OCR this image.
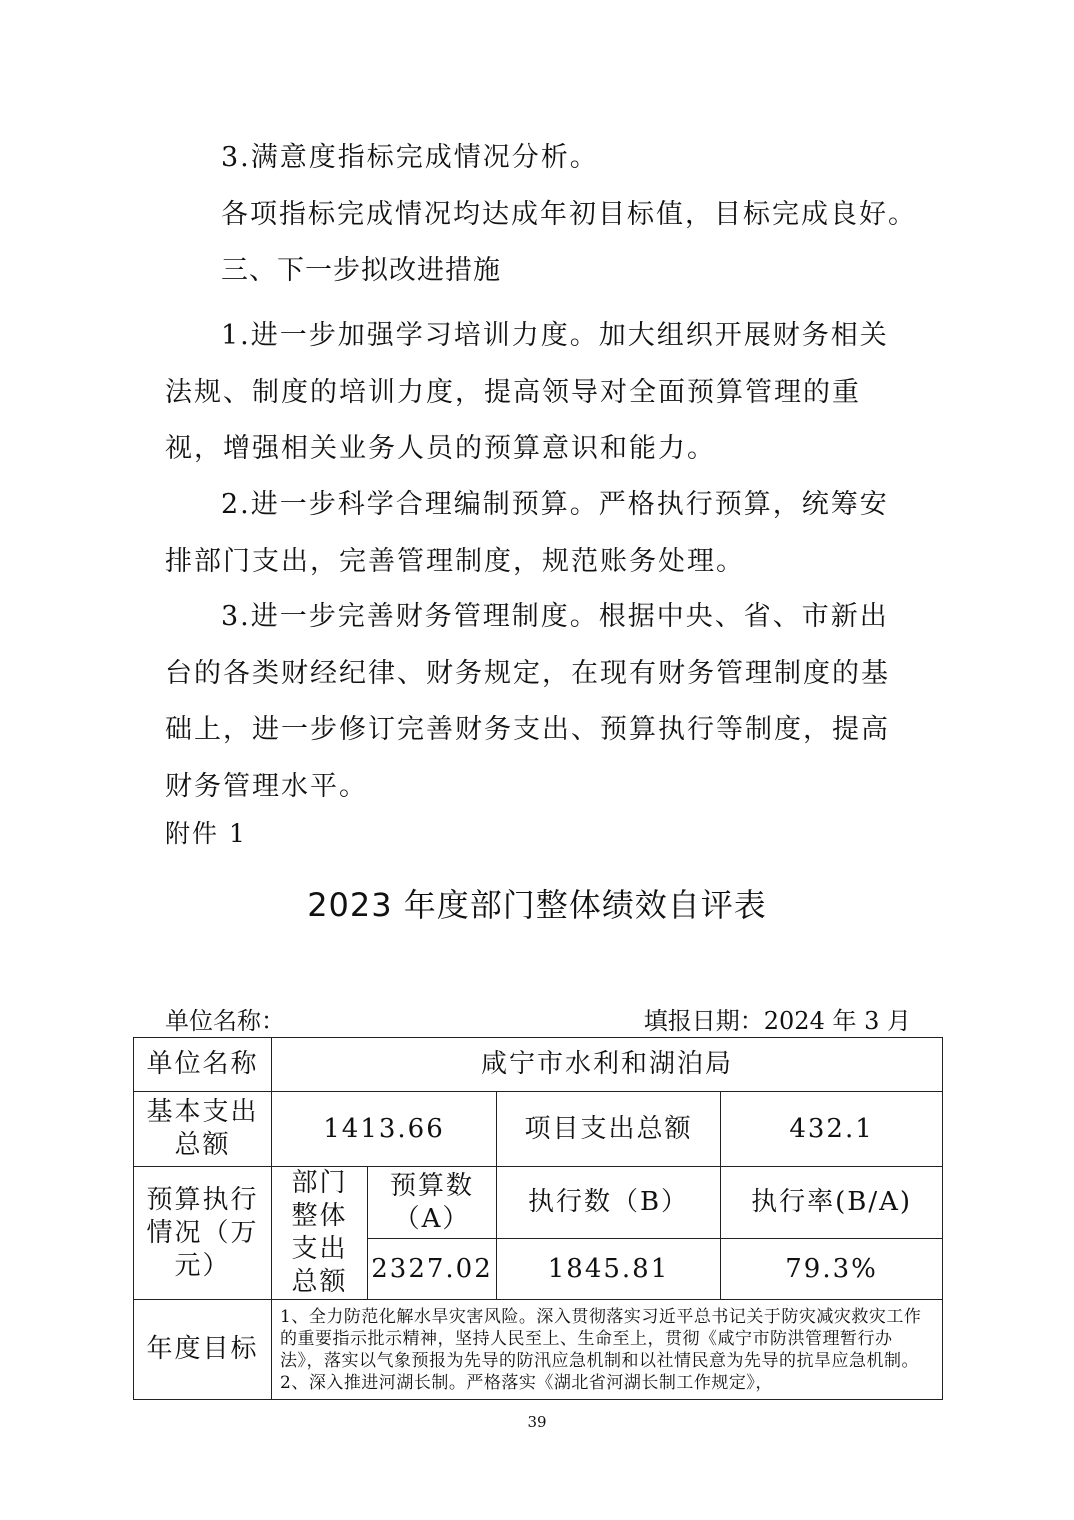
3.满意度指标完成情况分析。
各项指标完成情况均达成年初目标值，目标完成良好。
三、下一步拟改进措施
1.进一步加强学习培训力度。加大组织开展财务相关法规、制度的培训力度，提高领导对全面预算管理的重视，增强相关业务人员的预算意识和能力。
2.进一步科学合理编制预算。严格执行预算，统筹安排部门支出，完善管理制度，规范账务处理。
3.进一步完善财务管理制度。根据中央、省、市新出台的各类财经纪律、财务规定，在现有财务管理制度的基础上，进一步修订完善财务支出、预算执行等制度，提高财务管理水平。
附件 1
2023 年度部门整体绩效自评表
单位名称：	填报日期：2024 年 3 月
单位名称	咸宁市水利和湖泊局			
基本支出总额	1413.66		项目支出总额	432.1
预算执行情况（万元）	部门整体支出总额	预算数（A）	执行数（B）	执行率(B/A)
		2327.02	1845.81	79.3%
年度目标	1、全力防范化解水旱灾害风险。深入贯彻落实习近平总书记关于防灾减灾救灾工作的重要指示批示精神，坚持人民至上、生命至上，贯彻《咸宁市防洪管理暂行办法》，落实以气象预报为先导的防汛应急机制和以社情民意为先导的抗旱应急机制。2、深入推进河湖长制。严格落实《湖北省河湖长制工作规定》，			
39
